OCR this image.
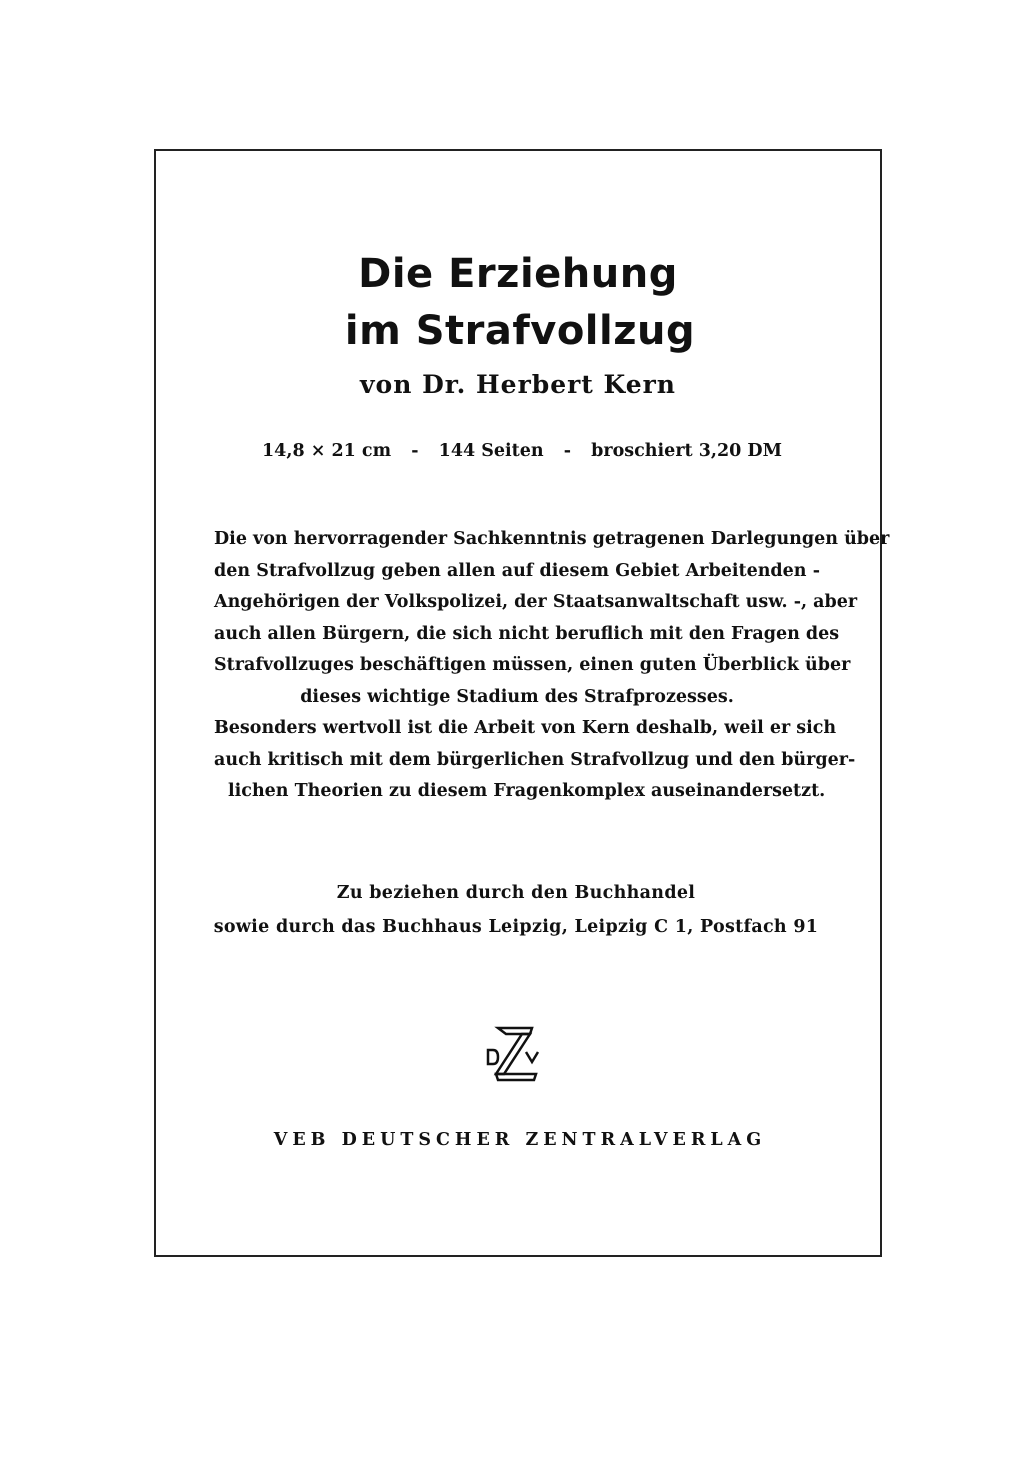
Die Erziehung
im Strafvollzug

von Dr. Herbert Kern

14,8 × 21 cm - 144 Seiten - broschiert 3,20 DM
Die von hervorragender Sachkenntnis getragenen Darlegungen über
den Strafvollzug geben allen auf diesem Gebiet Arbeitenden -
Angehörigen der Volkspolizei, der Staatsanwaltschaft usw. -, aber
auch allen Bürgern, die sich nicht beruflich mit den Fragen des
Strafvollzuges beschäftigen müssen, einen guten Überblick über
dieses wichtige Stadium des Strafprozesses.
Besonders wertvoll ist die Arbeit von Kern deshalb, weil er sich
auch kritisch mit dem bürgerlichen Strafvollzug und den bürger-
lichen Theorien zu diesem Fragenkomplex auseinandersetzt.
Zu beziehen durch den Buchhandel
sowie durch das Buchhaus Leipzig, Leipzig C 1, Postfach 91
VEB DEUTSCHER ZENTRALVERLAG
